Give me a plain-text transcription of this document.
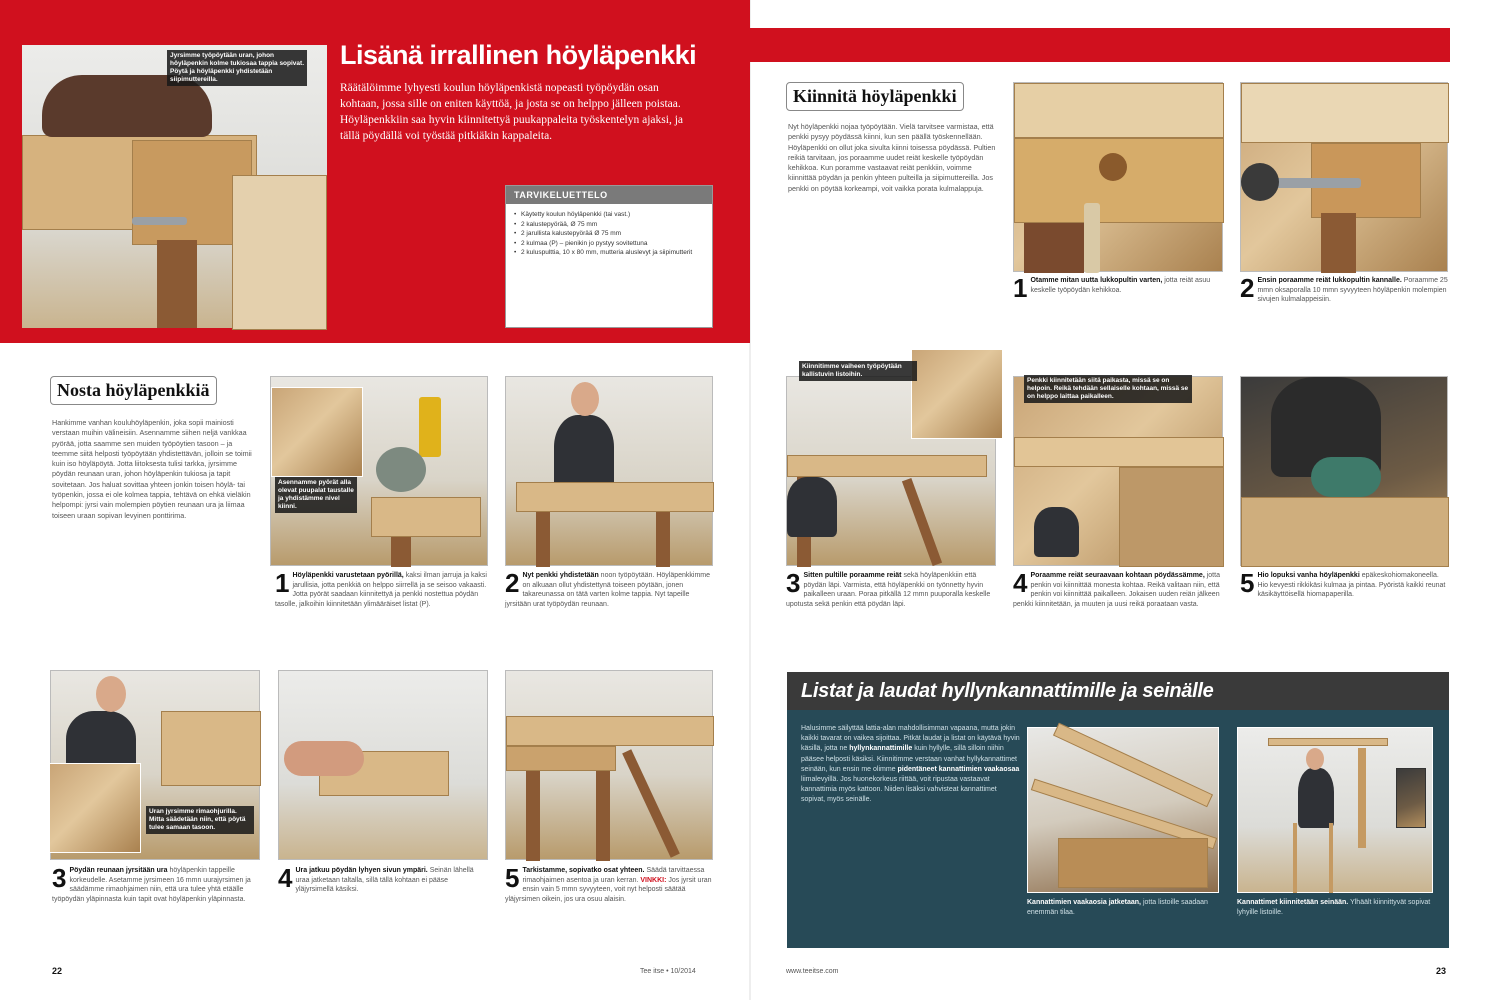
Jyrsimme työpöytään uran, johon höyläpenkin kolme tukiosaa tappia sopivat. Pöytä ja höyläpenkki yhdistetään siipimuttereilla.
Lisänä irrallinen höyläpenkki
Räätälöimme lyhyesti koulun höyläpenkistä nopeasti työpöydän osan kohtaan, jossa sille on eniten käyttöä, ja josta se on helppo jälleen poistaa. Höyläpenkkiin saa hyvin kiinnitettyä puukappaleita työskentelyn ajaksi, ja tällä pöydällä voi työstää pitkiäkin kappaleita.
TARVIKELUETTELO
• Käytetty koulun höyläpenkki (tai vast.)
• 2 kalustepyörää, Ø 75 mm
• 2 jarullista kalustepyörää Ø 75 mm
• 2 kulmaa (P) – pienikin jo pystyy sovitettuna
• 2 kuluspulttia, 10 x 80 mm, mutteria aluslevyt ja siipimutterit
Nosta höyläpenkkiä
Hankimme vanhan kouluhöyläpenkin, joka sopii mainiosti verstaan muihin välineisiin. Asennamme siihen neljä vankkaa pyörää, jotta saamme sen muiden työpöytien tasoon – ja teemme siitä helposti työpöytään yhdistettävän, jolloin se toimii kuin iso höyläpöytä. Jotta liitoksesta tulisi tarkka, jyrsimme pöydän reunaan uran, johon höyläpenkin tukiosa ja tapit sovitetaan. Jos haluat sovittaa yhteen jonkin toisen höylä- tai työpenkin, jossa ei ole kolmea tappia, tehtävä on ehkä vieläkin helpompi: jyrsi vain molempien pöytien reunaan ura ja liimaa toiseen uraan sopivan levyinen ponttirima.
Asennamme pyörät alla olevat puupalat taustalle ja yhdistämme nivel kiinni.
1 Höyläpenkki varustetaan pyörillä, kaksi ilman jarruja ja kaksi jarullisia, jotta penkkiä on helppo siirrellä ja se seisoo vakaasti. Jotta pyörät saadaan kiinnitettyä ja penkki nostettua pöydän tasolle, jalkoihin kiinnitetään ylimääräiset listat (P).
2 Nyt penkki yhdistetään noon työpöytään. Höyläpenkkimme on alkuaan ollut yhdistettynä toiseen pöytään, jonen takareunassa on tätä varten kolme tappia. Nyt tapeille jyrsitään urat työpöydän reunaan.
Uran jyrsimme rimaohjurilla. Mitta säädetään niin, että pöytä tulee samaan tasoon.
3 Pöydän reunaan jyrsitään ura höyläpenkin tappeille korkeudelle. Asetamme jyrsimeen 16 mmn uurajyrsimen ja säädämme rimaohjaimen niin, että ura tulee yhtä etäälle työpöydän yläpinnasta kuin tapit ovat höyläpenkin yläpinnasta.
4 Ura jatkuu pöydän lyhyen sivun ympäri. Seinän lähellä uraa jatketaan taltalla, sillä tällä kohtaan ei pääse yläjyrsimellä käsiksi.	5 Tarkistamme, sopivatko osat yhteen. Säädä tarvittaessa rimaohjaimen asentoa ja uran kerran. VINKKI: Jos jyrsit uran ensin vain 5 mmn syvyyteen, voit nyt helposti säätää yläjyrsimen oikein, jos ura osuu alaisin.
Kiinnitä höyläpenkki
Nyt höyläpenkki nojaa työpöytään. Vielä tarvitsee varmistaa, että penkki pysyy pöydässä kiinni, kun sen päällä työskennellään. Höyläpenkki on ollut joka sivulta kiinni toisessa pöydässä. Pultien reikiä tarvitaan, jos poraamme uudet reiät keskelle työpöydän kehikkoa. Kun poramme vastaavat reiät penkkiin, voimme kiinnittää pöydän ja penkin yhteen pulteilla ja siipimuttereilla. Jos penkki on pöytää korkeampi, voit vaikka porata kulmalappuja.
1 Otamme mitan uutta lukkopultin varten, jotta reiät asuu keskelle työpöydän kehikkoa.	2 Ensin poraamme reiät lukkopultin kannalle. Poraamme 25 mmn oksaporalla 10 mmn syvyyteen höyläpenkin molempien sivujen kulmalappeisiin.
Kiinnitimme vaiheen työpöytään kallistuvin listoihin.
Penkki kiinnitetään siitä paikasta, missä se on helpoin. Reikä tehdään sellaiselle kohtaan, missä se on helppo laittaa paikalleen.
3 Sitten pultille poraamme reiät sekä höyläpenkkiin että pöydän läpi. Varmista, että höyläpenkki on työnnetty hyvin paikalleen uraan. Poraa pitkällä 12 mmn puuporalla keskelle upotusta sekä penkin että pöydän läpi.
4 Poraamme reiät seuraavaan kohtaan pöydässämme, jotta penkin voi kiinnittää monesta kohtaa. Reikä valitaan niin, että penkin voi kiinnittää paikalleen. Jokaisen uuden reiän jälkeen penkki kiinnitetään, ja muuten ja uusi reikä poraataan vasta.
5 Hio lopuksi vanha höyläpenkki epäkeskohiomakoneella. Hio kevyesti rikkikäsi kulmaa ja pintaa. Pyöristä kaikki reunat käsikäyttöisellä hiomapaperilla.
Listat ja laudat hyllynkannattimille ja seinälle
Halusimme säilyttää lattia-alan mahdollisimman vapaana, mutta jokin kaikki tavarat on vaikea sijoittaa. Pitkät laudat ja listat on käytävä hyvin käsillä, jotta ne hyllynkannattimille kuin hyllylle, sillä silloin niihin pääsee helposti käsiksi. Kiinnitimme verstaan vanhat hyllykannattimet seinään, kun ensin me olimme pidentäneet kannattimien vaakaosaa liimalevyillä. Jos huonekorkeus riittää, voit ripustaa vastaavat kannattimia myös kattoon. Niiden lisäksi vahvisteat kannattimet sopivat, myös seinälle.
Kannattimien vaakaosia jatketaan, jotta listoille saadaan enemmän tilaa.
Kannattimet kiinnitetään seinään. Ylhäält kiinnittyvät sopivat lyhyille listoille.
22	Tee itse • 10/2014	www.teeitse.com	23
